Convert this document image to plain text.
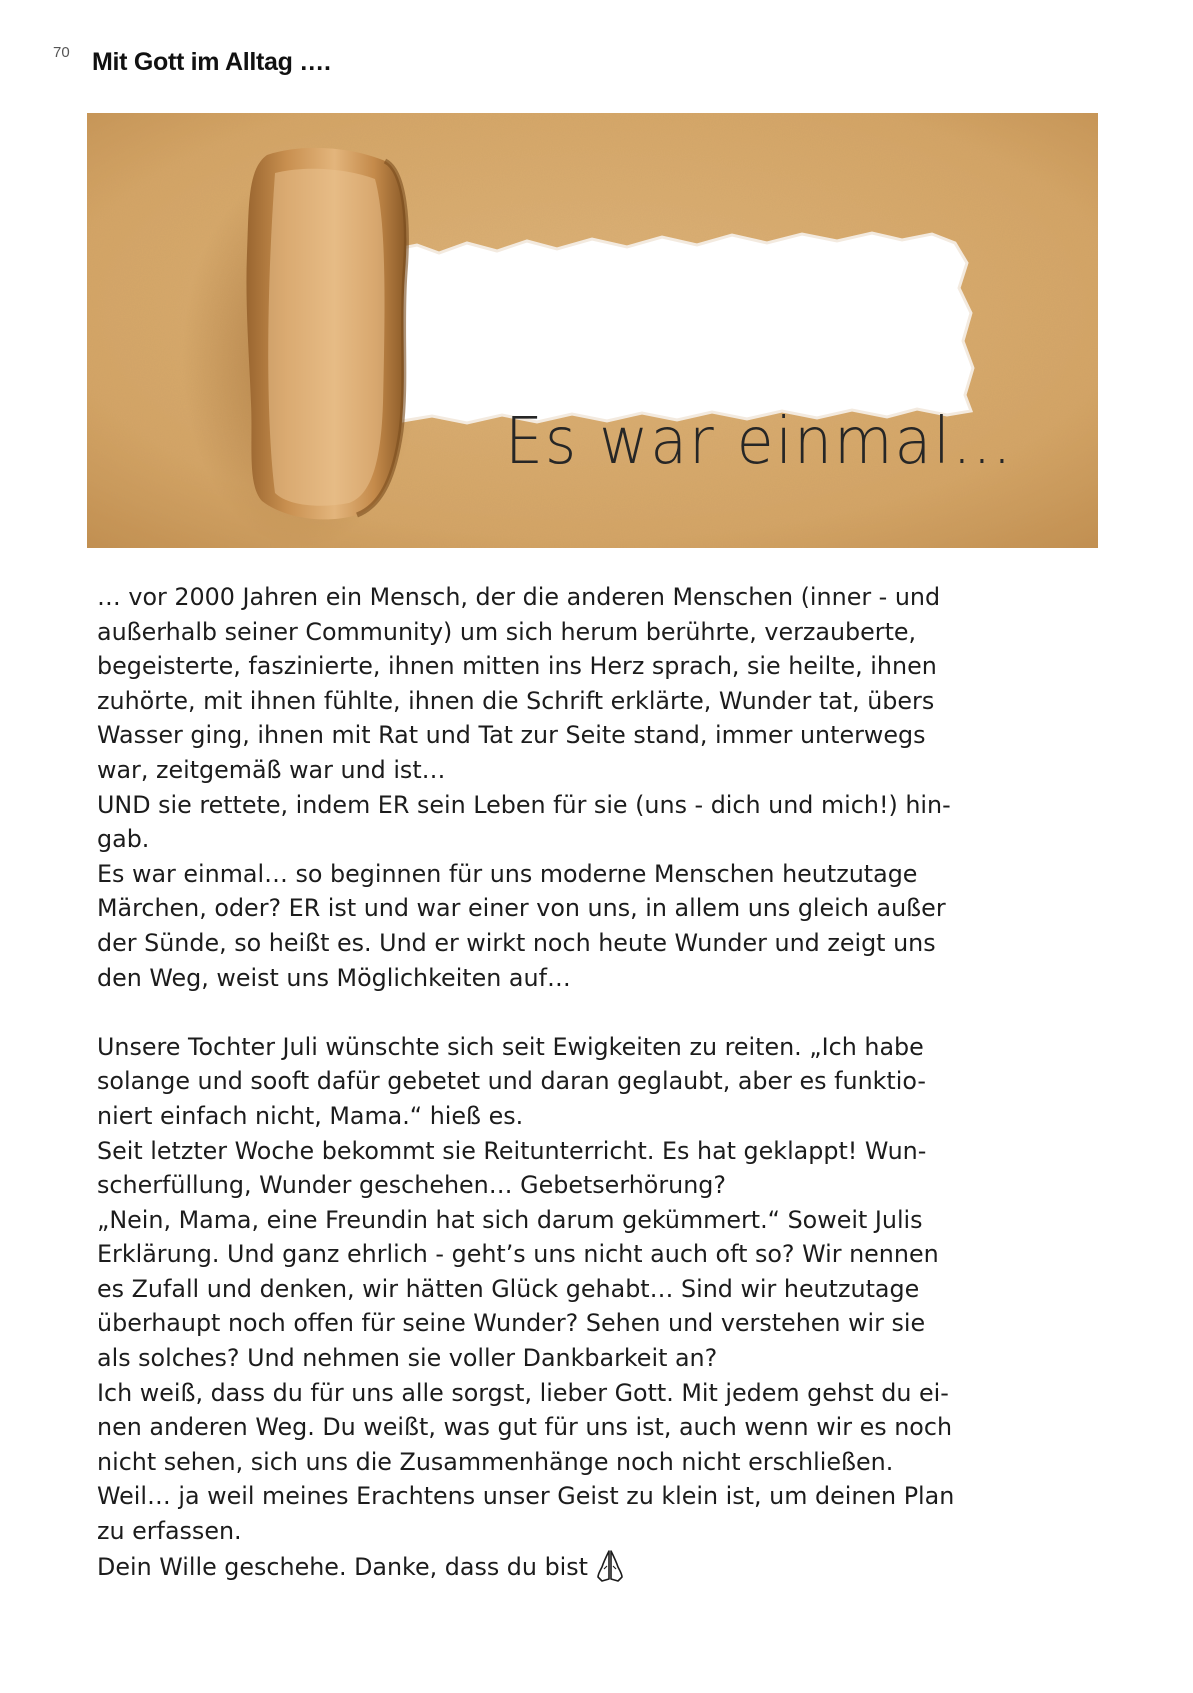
70 Mit Gott im Alltag ….
Es war einmal…
… vor 2000 Jahren ein Mensch, der die anderen Menschen (inner - und
außerhalb seiner Community) um sich herum berührte, verzauberte,
begeisterte, faszinierte, ihnen mitten ins Herz sprach, sie heilte, ihnen
zuhörte, mit ihnen fühlte, ihnen die Schrift erklärte, Wunder tat, übers
Wasser ging, ihnen mit Rat und Tat zur Seite stand, immer unterwegs
war, zeitgemäß war und ist…
UND sie rettete, indem ER sein Leben für sie (uns - dich und mich!) hin-
gab.
Es war einmal… so beginnen für uns moderne Menschen heutzutage
Märchen, oder? ER ist und war einer von uns, in allem uns gleich außer
der Sünde, so heißt es. Und er wirkt noch heute Wunder und zeigt uns
den Weg, weist uns Möglichkeiten auf…
Unsere Tochter Juli wünschte sich seit Ewigkeiten zu reiten. „Ich habe
solange und sooft dafür gebetet und daran geglaubt, aber es funktio-
niert einfach nicht, Mama.“ hieß es.
Seit letzter Woche bekommt sie Reitunterricht. Es hat geklappt! Wun-
scherfüllung, Wunder geschehen… Gebetserhörung?
„Nein, Mama, eine Freundin hat sich darum gekümmert.“ Soweit Julis
Erklärung. Und ganz ehrlich - geht’s uns nicht auch oft so? Wir nennen
es Zufall und denken, wir hätten Glück gehabt… Sind wir heutzutage
überhaupt noch offen für seine Wunder? Sehen und verstehen wir sie
als solches? Und nehmen sie voller Dankbarkeit an?
Ich weiß, dass du für uns alle sorgst, lieber Gott. Mit jedem gehst du ei-
nen anderen Weg. Du weißt, was gut für uns ist, auch wenn wir es noch
nicht sehen, sich uns die Zusammenhänge noch nicht erschließen.
Weil… ja weil meines Erachtens unser Geist zu klein ist, um deinen Plan
zu erfassen.
Dein Wille geschehe. Danke, dass du bist
